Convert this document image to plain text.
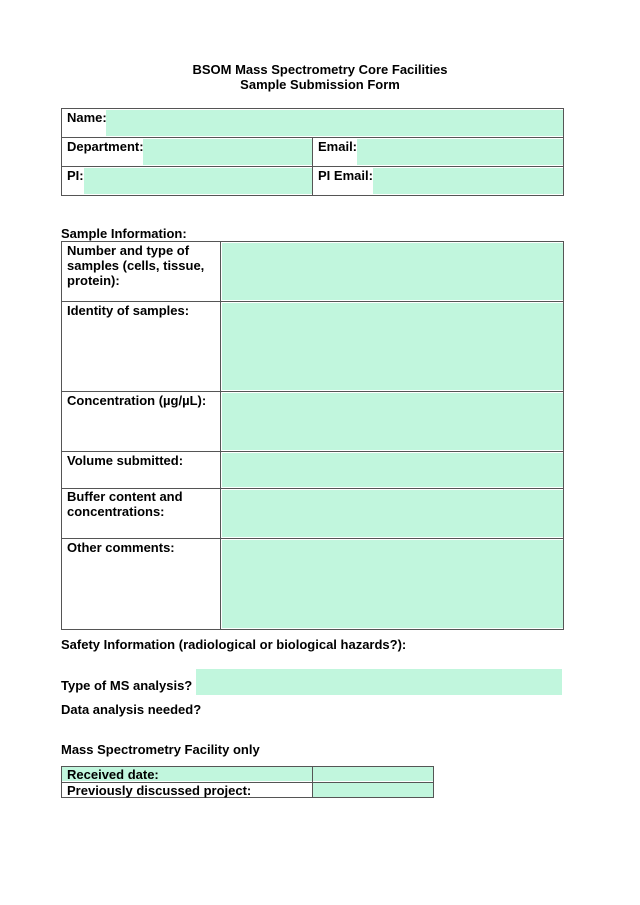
BSOM Mass Spectrometry Core Facilities
Sample Submission Form
Name:
Department:	Email:
PI:	PI Email:
Sample Information:
Number and type of
samples (cells, tissue,
protein):
Identity of samples:
Concentration (µg/µL):
Volume submitted:
Buffer content and
concentrations:
Other comments:
Safety Information (radiological or biological hazards?):
Type of MS analysis?
Data analysis needed?
Mass Spectrometry Facility only
Received date:
Previously discussed project:
